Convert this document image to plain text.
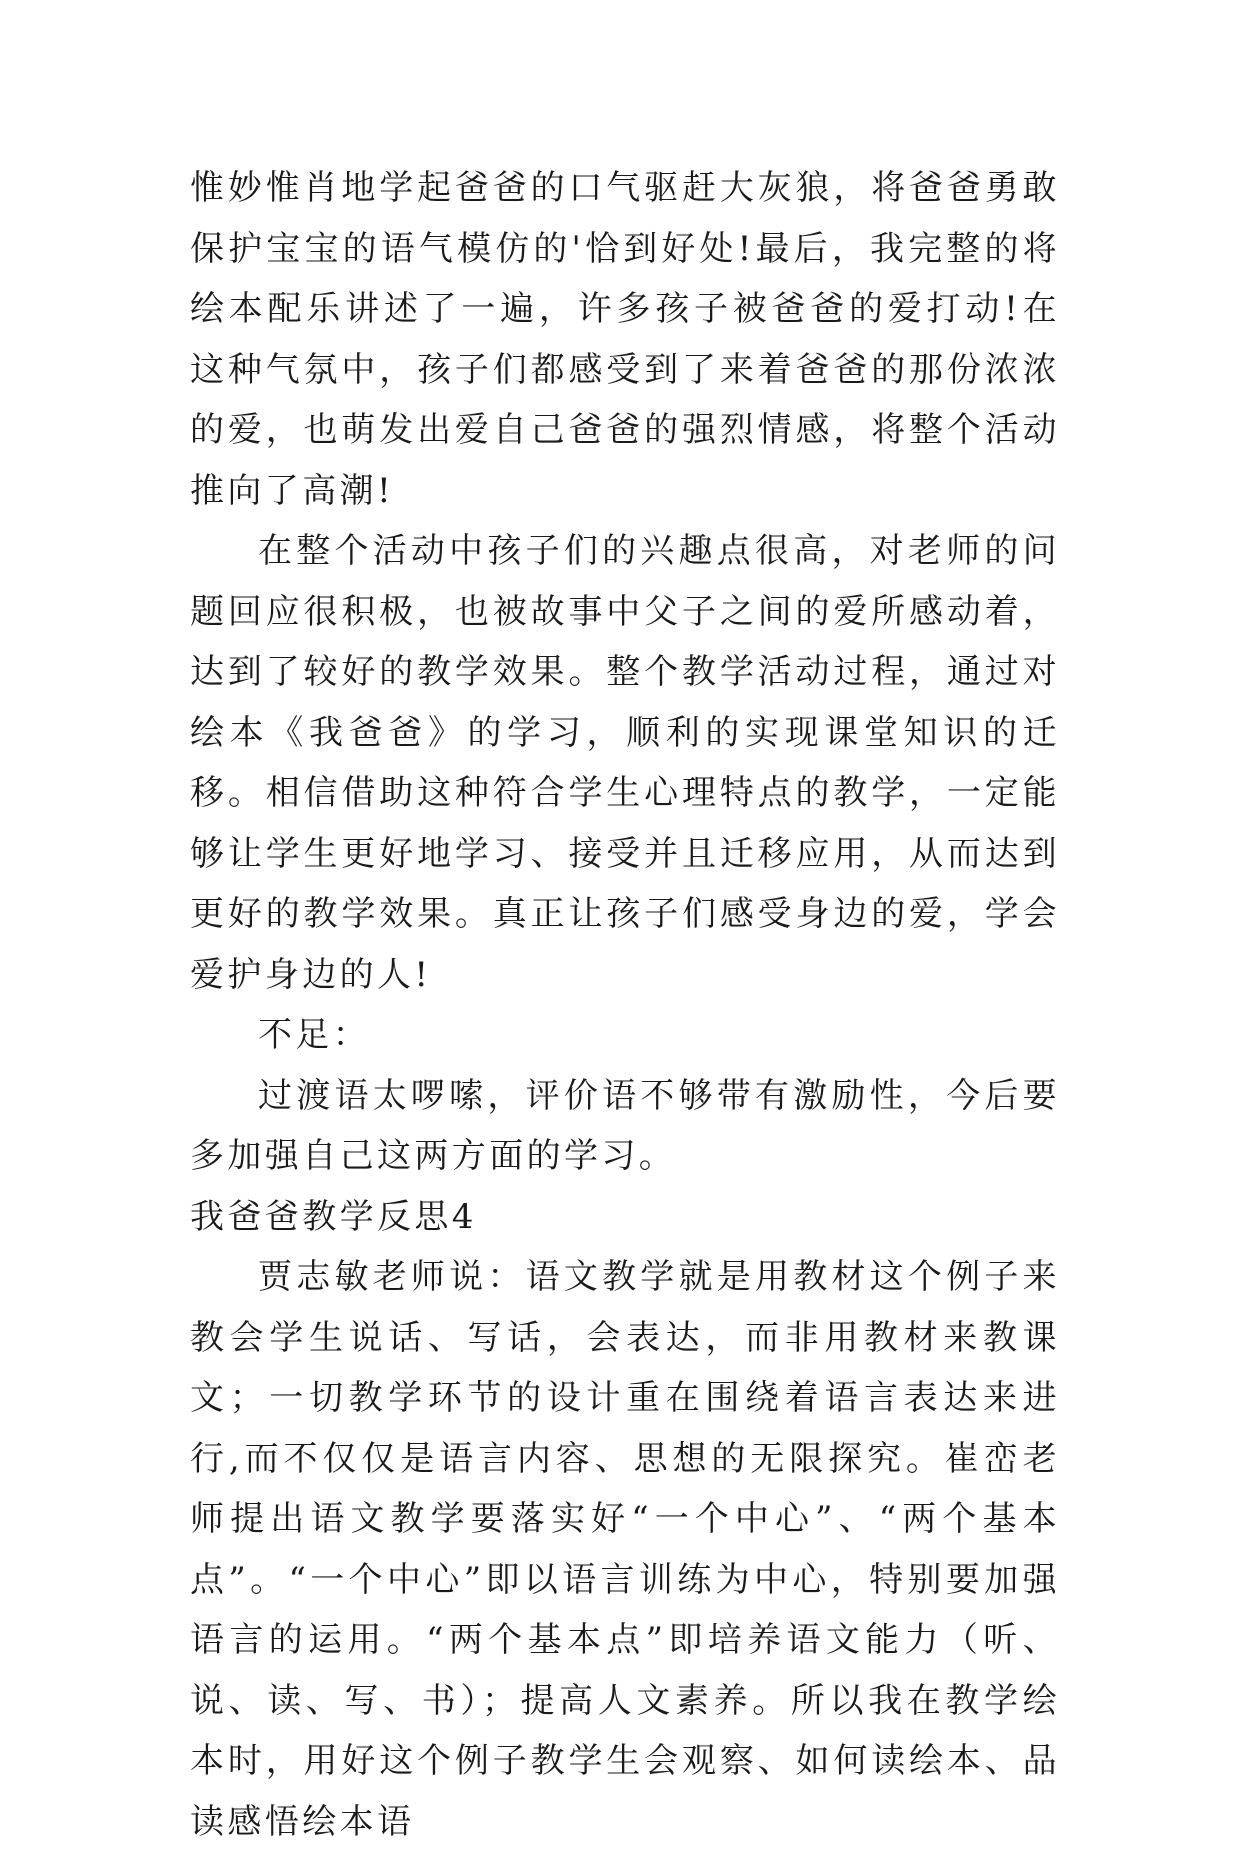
惟妙惟肖地学起爸爸的口气驱赶大灰狼，将爸爸勇敢保护宝宝的语气模仿的'恰到好处!最后，我完整的将绘本配乐讲述了一遍，许多孩子被爸爸的爱打动!在这种气氛中，孩子们都感受到了来着爸爸的那份浓浓的爱，也萌发出爱自己爸爸的强烈情感，将整个活动推向了高潮!

在整个活动中孩子们的兴趣点很高，对老师的问题回应很积极，也被故事中父子之间的爱所感动着，达到了较好的教学效果。整个教学活动过程，通过对绘本《我爸爸》的学习，顺利的实现课堂知识的迁移。相信借助这种符合学生心理特点的教学，一定能够让学生更好地学习、接受并且迁移应用，从而达到更好的教学效果。真正让孩子们感受身边的爱，学会爱护身边的人!

不足：

过渡语太啰嗦，评价语不够带有激励性，今后要多加强自己这两方面的学习。

我爸爸教学反思4

贾志敏老师说：语文教学就是用教材这个例子来教会学生说话、写话，会表达，而非用教材来教课文；一切教学环节的设计重在围绕着语言表达来进行,而不仅仅是语言内容、思想的无限探究。崔峦老师提出语文教学要落实好“一个中心”、“两个基本点”。“一个中心”即以语言训练为中心，特别要加强语言的运用。“两个基本点”即培养语文能力（听、说、读、写、书）；提高人文素养。所以我在教学绘本时，用好这个例子教学生会观察、如何读绘本、品读感悟绘本语
